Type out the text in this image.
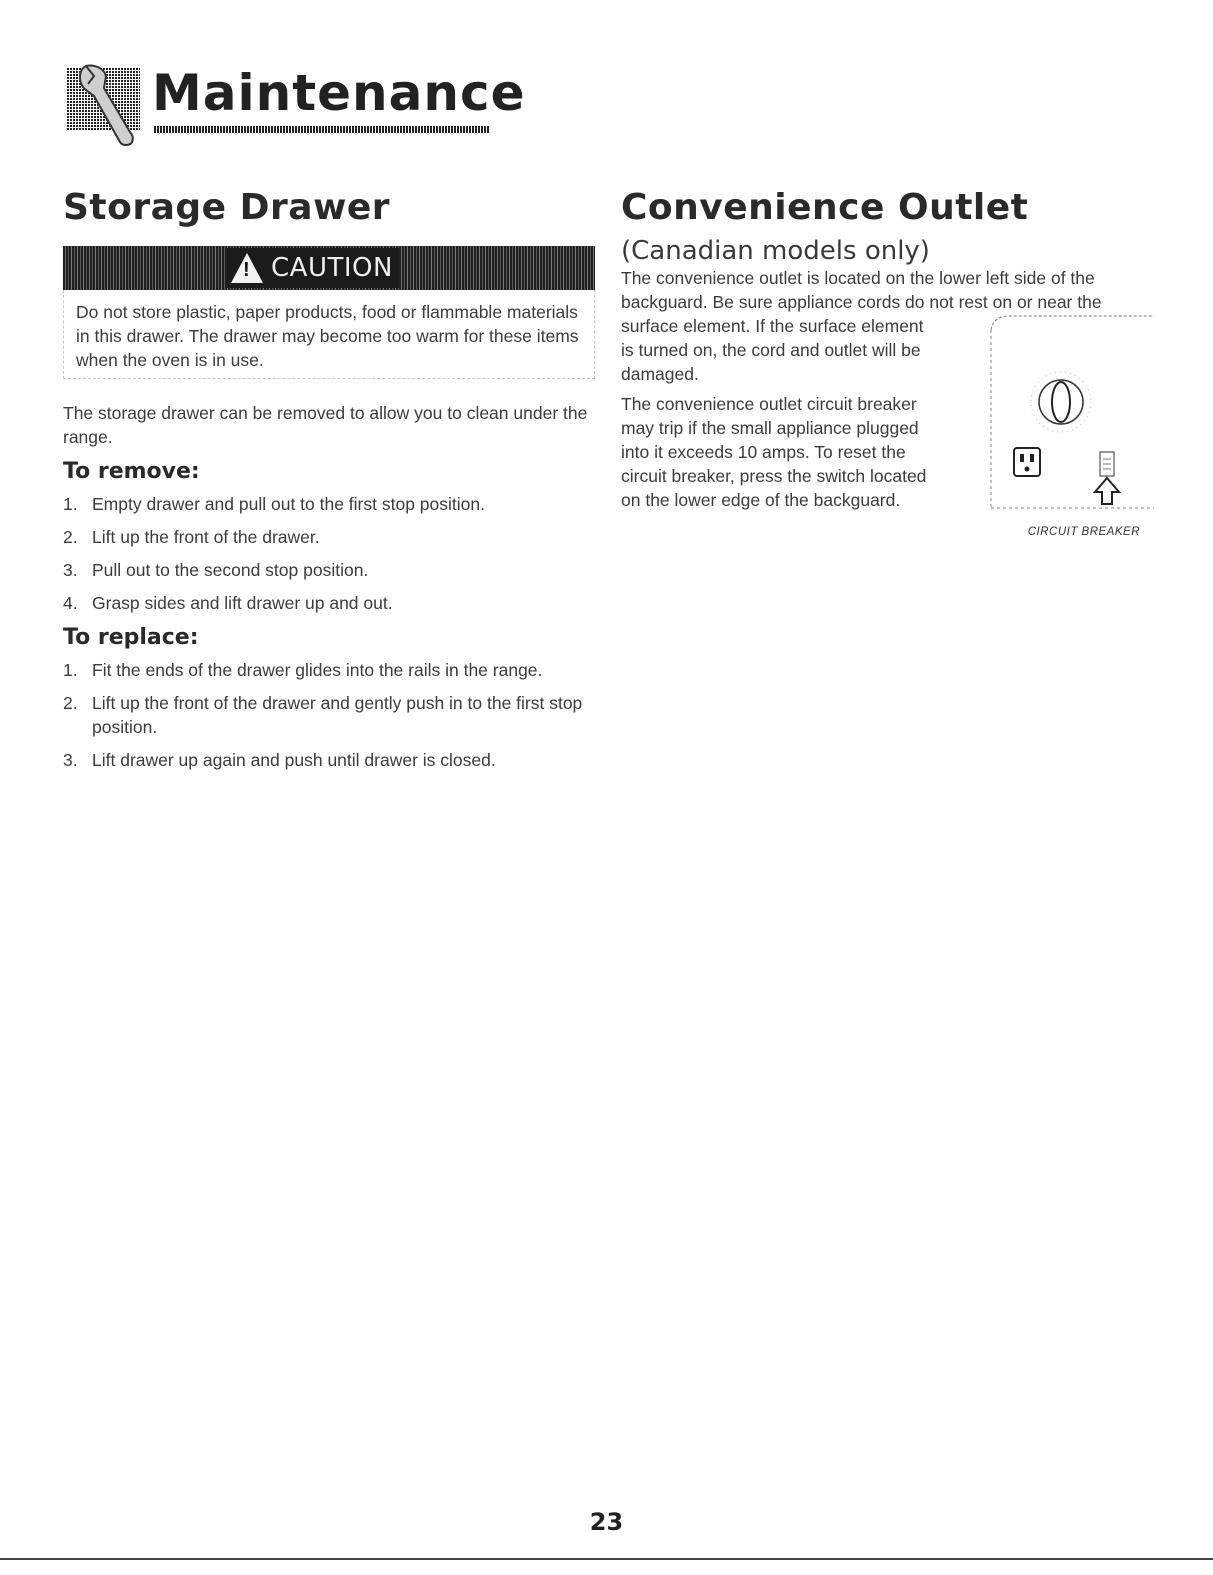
Maintenance
Storage Drawer
! CAUTION
Do not store plastic, paper products, food or flammable materials in this drawer. The drawer may become too warm for these items when the oven is in use.

The storage drawer can be removed to allow you to clean under the range.

To remove:
1. Empty drawer and pull out to the first stop position.
2. Lift up the front of the drawer.
3. Pull out to the second stop position.
4. Grasp sides and lift drawer up and out.
To replace:
1. Fit the ends of the drawer glides into the rails in the range.
2. Lift up the front of the drawer and gently push in to the first stop position.
3. Lift drawer up again and push until drawer is closed.
Convenience Outlet
(Canadian models only)
The convenience outlet is located on the lower left side of the
backguard. Be sure appliance cords do not rest on or near the
surface element. If the surface element
is turned on, the cord and outlet will be
damaged.
The convenience outlet circuit breaker
may trip if the small appliance plugged
into it exceeds 10 amps. To reset the
circuit breaker, press the switch located
on the lower edge of the backguard.
CIRCUIT BREAKER
23
